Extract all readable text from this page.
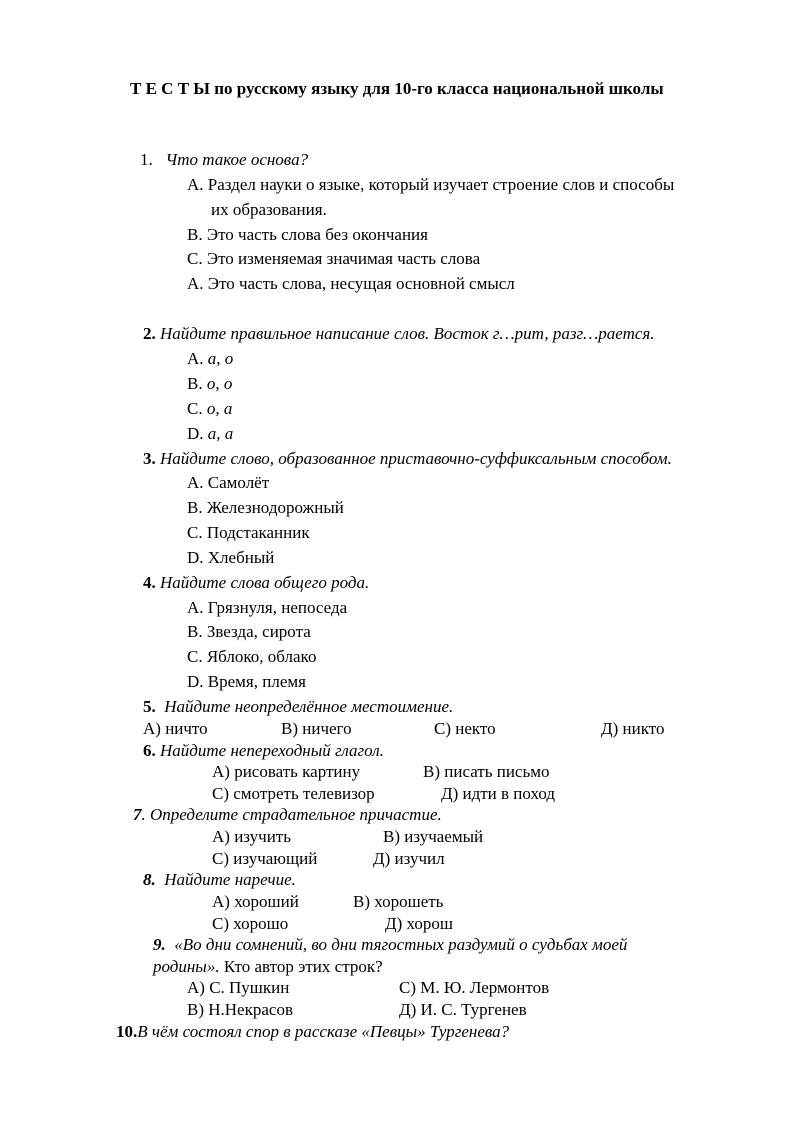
Т Е С Т Ы по русскому языку для 10-го класса национальной школы
1. Что такое основа?
A. Раздел науки о языке, который изучает строение слов и способы
их образования.
B. Это часть слова без окончания
C. Это изменяемая значимая часть слова
A. Это часть слова, несущая основной смысл
2. Найдите правильное написание слов. Восток г…рит, разг…рается.
A. а, о
B. о, о
C. о, а
D. а, а
3. Найдите слово, образованное приставочно-суффиксальным способом.
A. Самолёт
B. Железнодорожный
C. Подстаканник
D. Хлебный
4. Найдите слова общего рода.
A. Грязнуля, непоседа
B. Звезда, сирота
C. Яблоко, облако
D. Время, племя
5. Найдите неопределённое местоимение.
А) ничто	В) ничего	С) некто	Д) никто
6. Найдите непереходный глагол.
А) рисовать картину	В) писать письмо
С) смотреть телевизор	Д) идти в поход
7. Определите страдательное причастие.
А) изучить	В) изучаемый
С) изучающий	Д) изучил
8. Найдите наречие.
А) хороший	В) хорошеть
С) хорошо	Д) хорош
9. «Во дни сомнений, во дни тягостных раздумий о судьбах моей
родины». Кто автор этих строк?
А) С. Пушкин	С) М. Ю. Лермонтов
В) Н.Некрасов	Д) И. С. Тургенев
10.В чём состоял спор в рассказе «Певцы» Тургенева?
